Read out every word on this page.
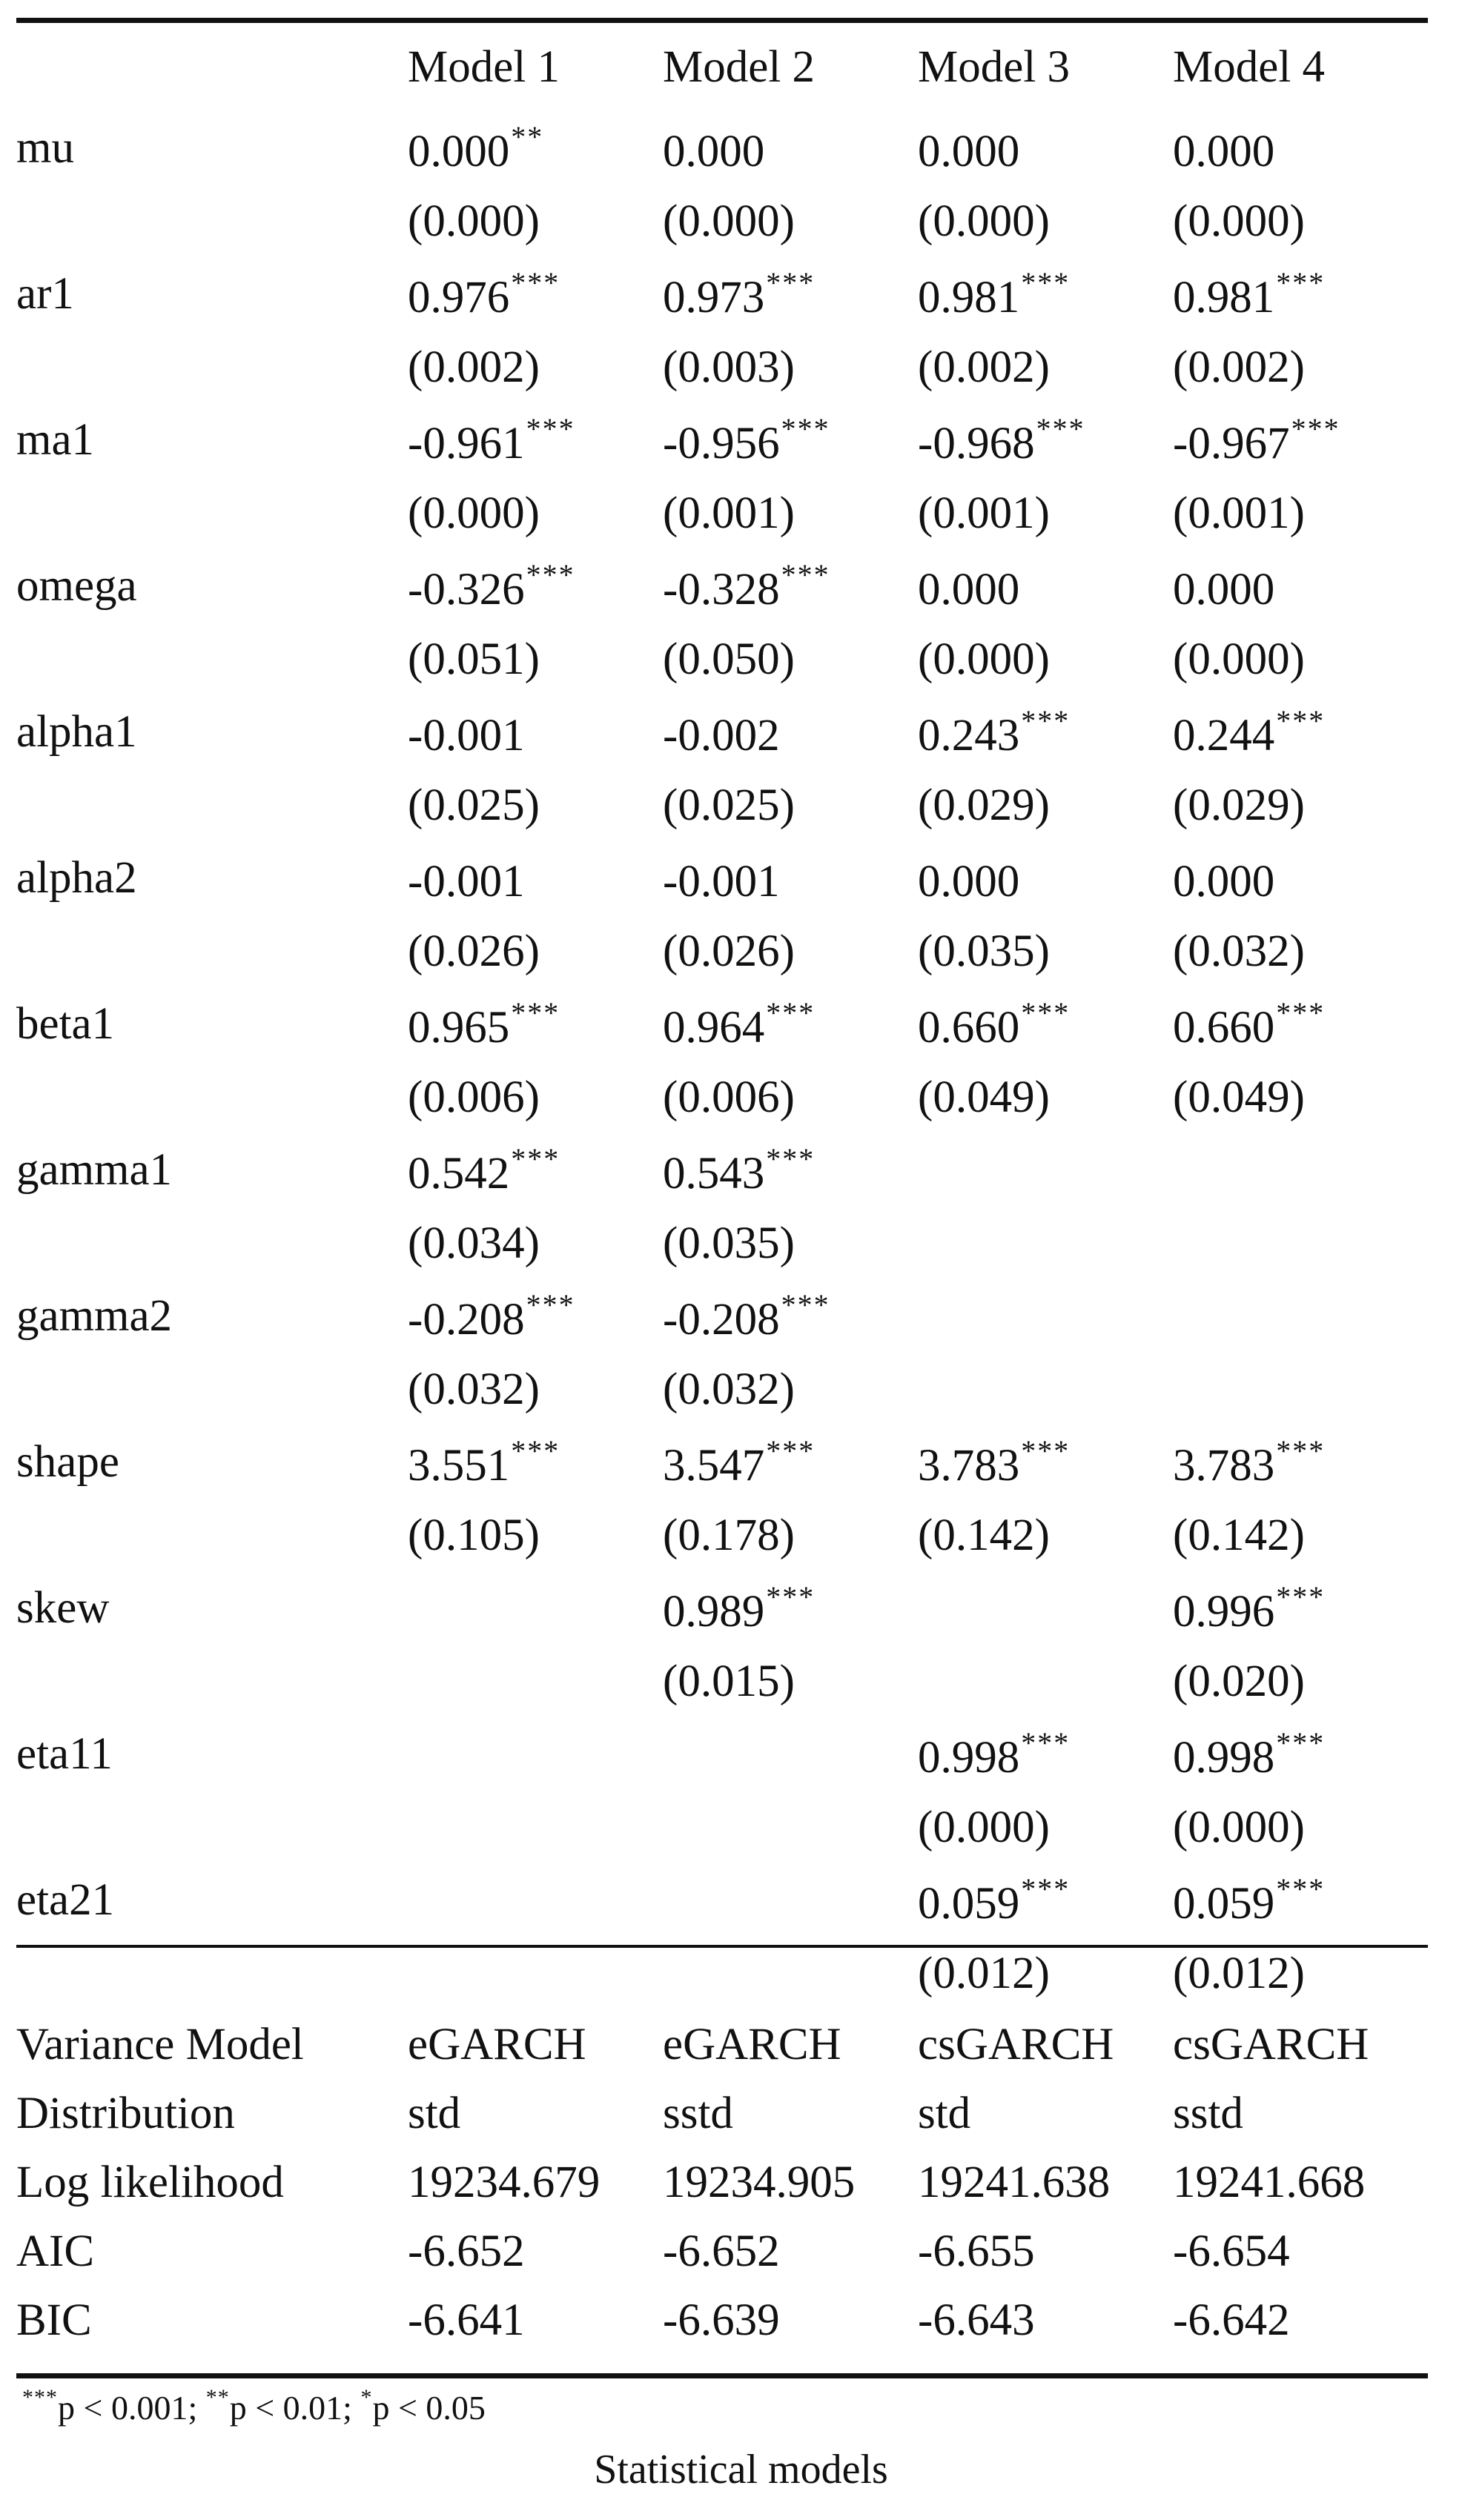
	Model 1	Model 2	Model 3	Model 4
mu	0.000**	0.000	0.000	0.000
	(0.000)	(0.000)	(0.000)	(0.000)
ar1	0.976***	0.973***	0.981***	0.981***
	(0.002)	(0.003)	(0.002)	(0.002)
ma1	-0.961***	-0.956***	-0.968***	-0.967***
	(0.000)	(0.001)	(0.001)	(0.001)
omega	-0.326***	-0.328***	0.000	0.000
	(0.051)	(0.050)	(0.000)	(0.000)
alpha1	-0.001	-0.002	0.243***	0.244***
	(0.025)	(0.025)	(0.029)	(0.029)
alpha2	-0.001	-0.001	0.000	0.000
	(0.026)	(0.026)	(0.035)	(0.032)
beta1	0.965***	0.964***	0.660***	0.660***
	(0.006)	(0.006)	(0.049)	(0.049)
gamma1	0.542***	0.543***		
	(0.034)	(0.035)		
gamma2	-0.208***	-0.208***		
	(0.032)	(0.032)		
shape	3.551***	3.547***	3.783***	3.783***
	(0.105)	(0.178)	(0.142)	(0.142)
skew		0.989***		0.996***
		(0.015)		(0.020)
eta11			0.998***	0.998***
			(0.000)	(0.000)
eta21			0.059***	0.059***
			(0.012)	(0.012)
Variance Model	eGARCH	eGARCH	csGARCH	csGARCH
Distribution	std	sstd	std	sstd
Log likelihood	19234.679	19234.905	19241.638	19241.668
AIC	-6.652	-6.652	-6.655	-6.654
BIC	-6.641	-6.639	-6.643	-6.642
***p < 0.001; **p < 0.01; *p < 0.05
Statistical models
